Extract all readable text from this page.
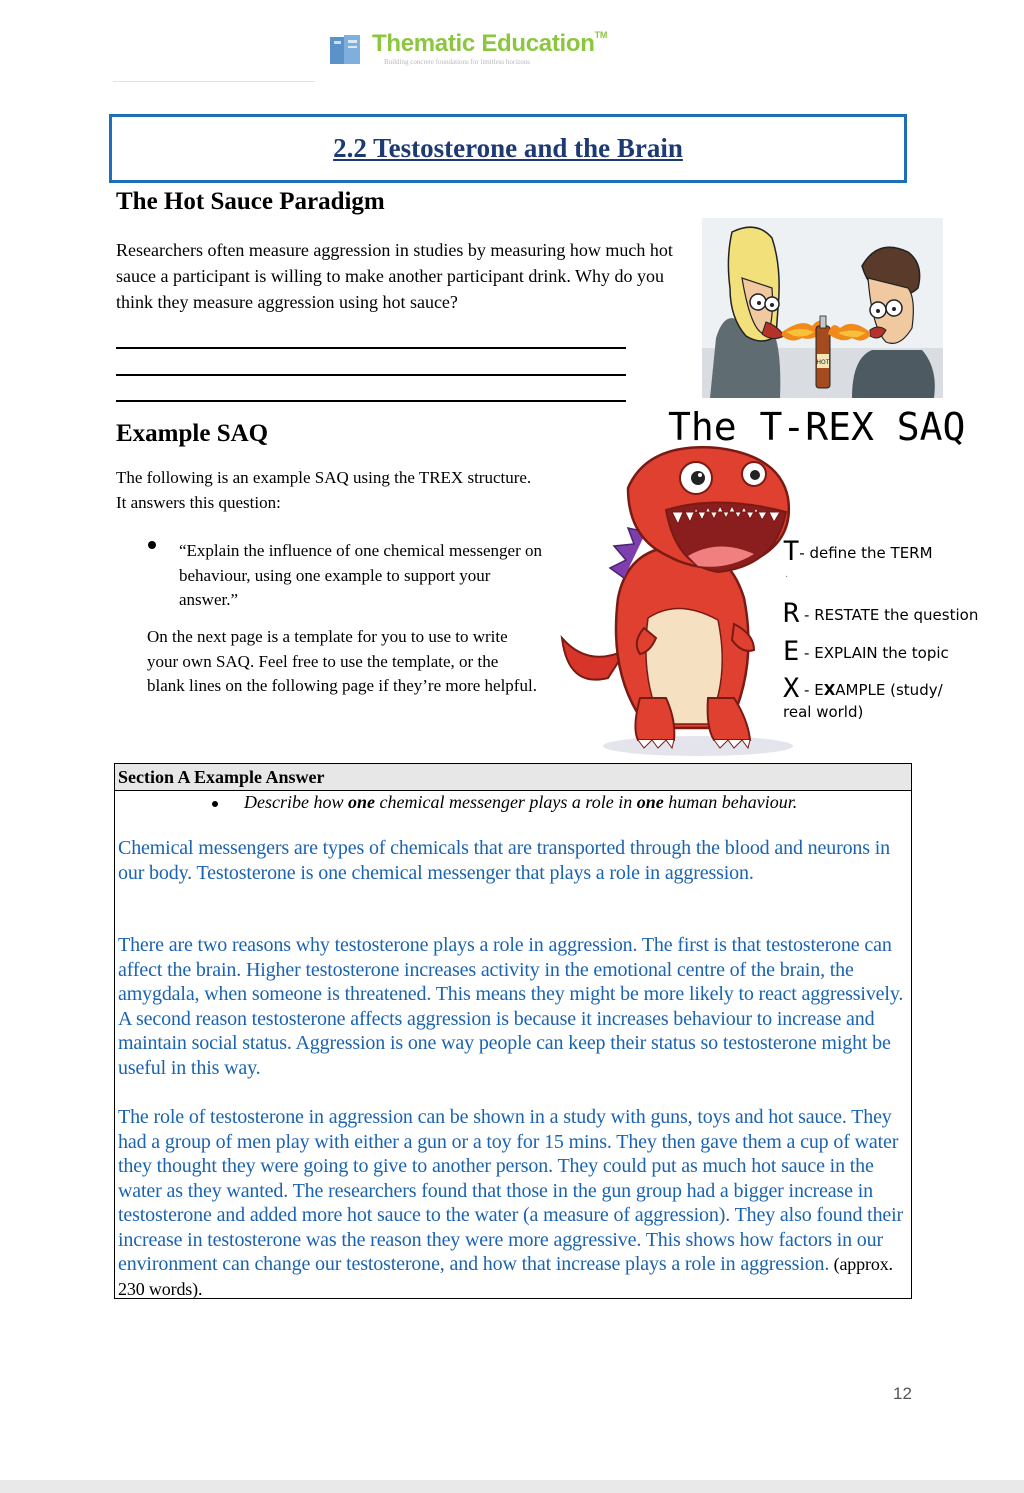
Thematic Education™
Building concrete foundations for limitless horizons
2.2 Testosterone and the Brain
The Hot Sauce Paradigm
Researchers often measure aggression in studies by measuring how much hot sauce a participant is willing to make another participant drink. Why do you think they measure aggression using hot sauce?
HOT
Example SAQ
The following is an example SAQ using the TREX structure. It answers this question:
“Explain the influence of one chemical messenger on behaviour, using one example to support your answer.”
On the next page is a template for you to use to write your own SAQ. Feel free to use the template, or the blank lines on the following page if they’re more helpful.
The T-REX SAQ
T- define the TERM
·
R - RESTATE the question
E - EXPLAIN the topic
X - EXAMPLE (study/
real world)
Section A Example Answer
Describe how one chemical messenger plays a role in one human behaviour.
Chemical messengers are types of chemicals that are transported through the blood and neurons in our body. Testosterone is one chemical messenger that plays a role in aggression.
There are two reasons why testosterone plays a role in aggression. The first is that testosterone can affect the brain. Higher testosterone increases activity in the emotional centre of the brain, the amygdala, when someone is threatened. This means they might be more likely to react aggressively. A second reason testosterone affects aggression is because it increases behaviour to increase and maintain social status. Aggression is one way people can keep their status so testosterone might be useful in this way.
The role of testosterone in aggression can be shown in a study with guns, toys and hot sauce. They had a group of men play with either a gun or a toy for 15 mins. They then gave them a cup of water they thought they were going to give to another person. They could put as much hot sauce in the water as they wanted. The researchers found that those in the gun group had a bigger increase in testosterone and added more hot sauce to the water (a measure of aggression). They also found their increase in testosterone was the reason they were more aggressive. This shows how factors in our environment can change our testosterone, and how that increase plays a role in aggression. (approx. 230 words).
12
